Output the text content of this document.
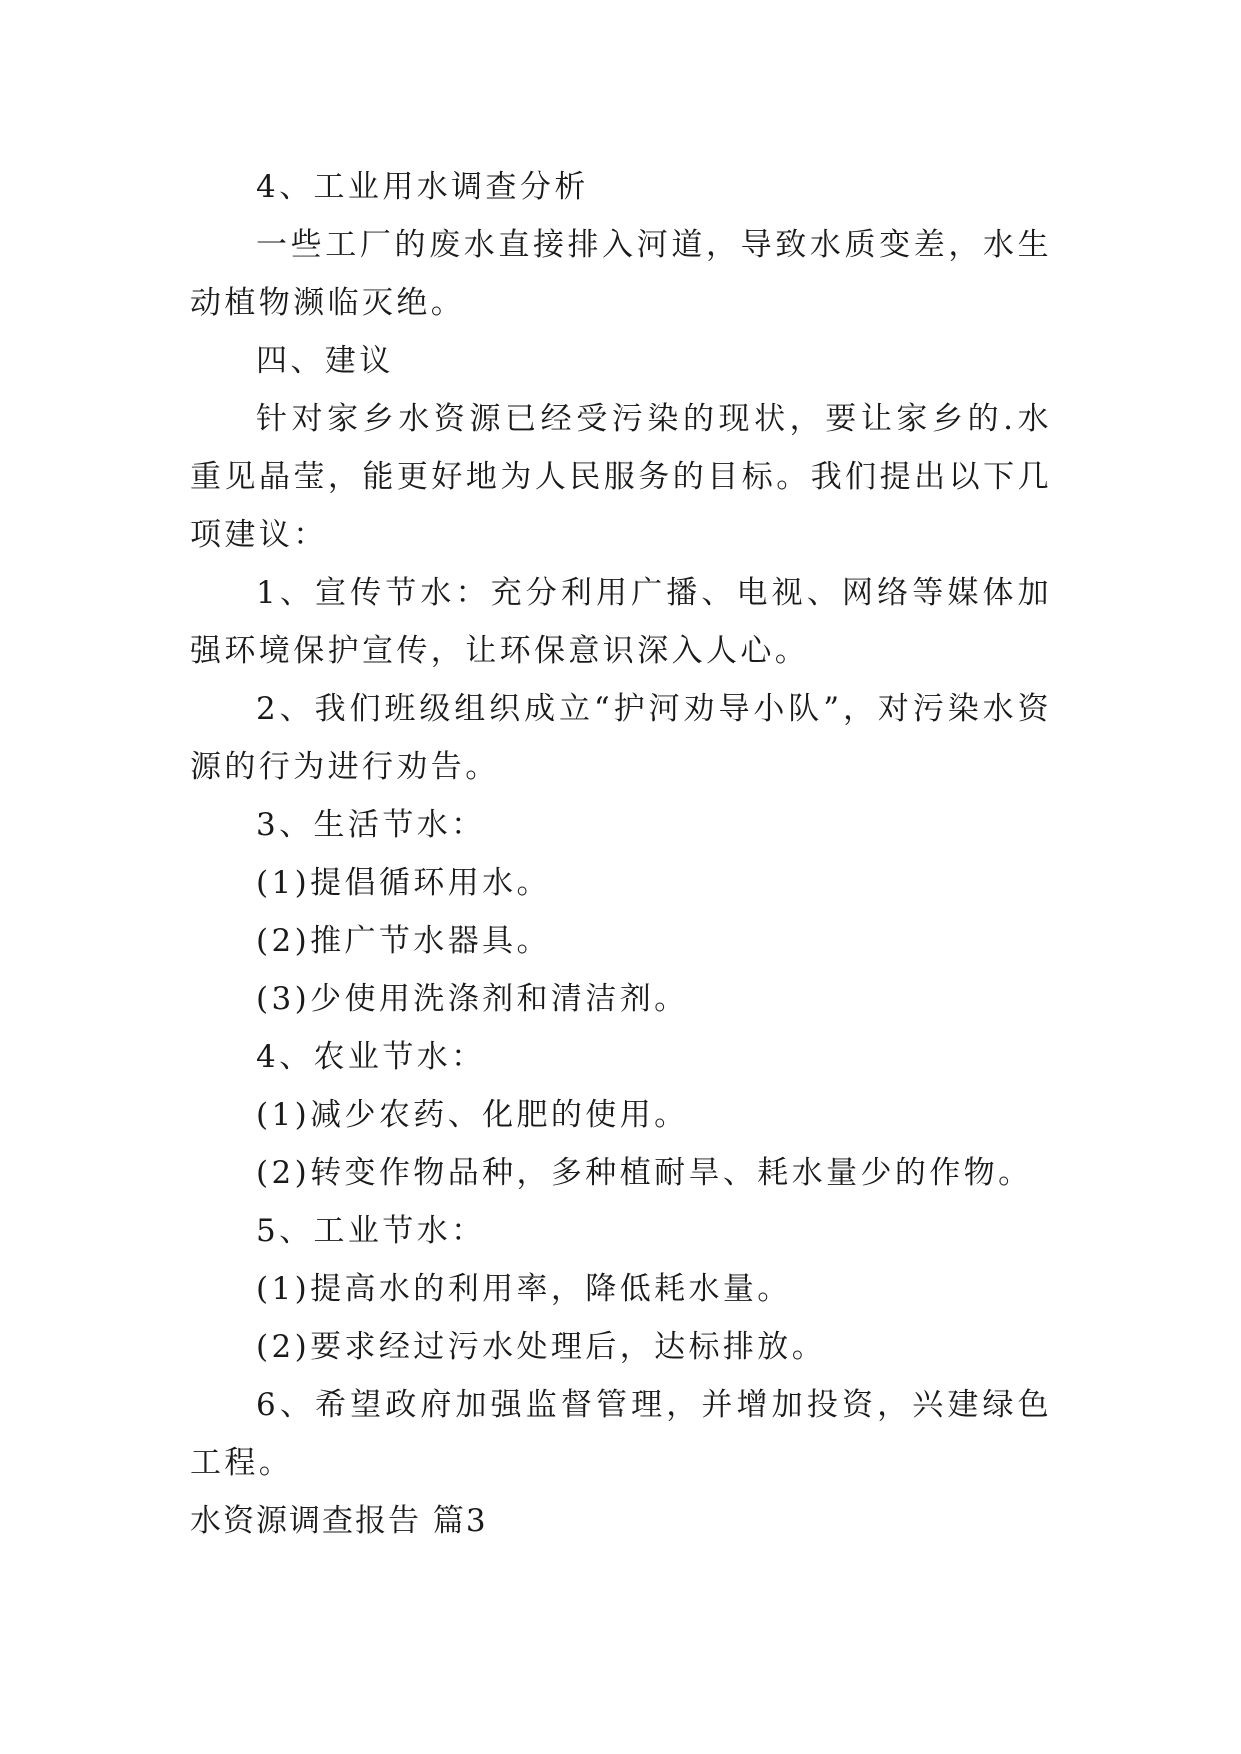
4、工业用水调查分析

一些工厂的废水直接排入河道，导致水质变差，水生动植物濒临灭绝。

四、建议

针对家乡水资源已经受污染的现状，要让家乡的.水重见晶莹，能更好地为人民服务的目标。我们提出以下几项建议：

1、宣传节水：充分利用广播、电视、网络等媒体加强环境保护宣传，让环保意识深入人心。

2、我们班级组织成立“护河劝导小队”，对污染水资源的行为进行劝告。

3、生活节水：

(1)提倡循环用水。

(2)推广节水器具。

(3)少使用洗涤剂和清洁剂。

4、农业节水：

(1)减少农药、化肥的使用。

(2)转变作物品种，多种植耐旱、耗水量少的作物。

5、工业节水：

(1)提高水的利用率，降低耗水量。

(2)要求经过污水处理后，达标排放。

6、希望政府加强监督管理，并增加投资，兴建绿色工程。

水资源调查报告 篇3
